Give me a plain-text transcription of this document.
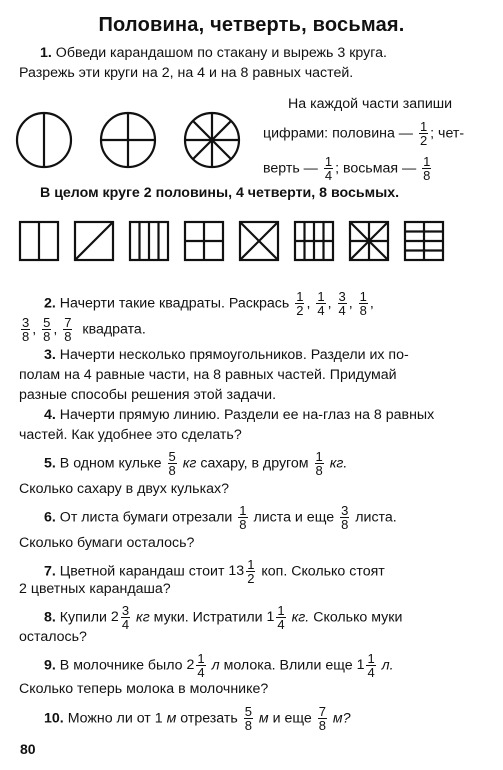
Половина, четверть, восьмая.
1. Обведи карандашом по стакану и вырежь 3 круга.
Разрежь эти круги на 2, на 4 и на 8 равных частей.
На каждой части запиши
цифрами: половина — $\frac{1}{2}$ ; чет-
верть — $\frac{1}{4}$ ; восьмая — $\frac{1}{8}$
В целом круге 2 половины, 4 четверти, 8 восьмых.
2. Начерти такие квадраты. Раскрась $\frac{1}{2}$ , $\frac{1}{4}$ , $\frac{3}{4}$ , $\frac{1}{8}$ ,
$\frac{3}{8}$ , $\frac{5}{8}$ , $\frac{7}{8}$ квадрата.
3. Начерти несколько прямоугольников. Раздели их по-
полам на 4 равные части, на 8 равных частей. Придумай
разные способы решения этой задачи.
4. Начерти прямую линию. Раздели ее на-глаз на 8 равных
частей. Как удобнее это сделать?
5. В одном кульке $\frac{5}{8}$ кг сахару, в другом $\frac{1}{8}$ кг.
Сколько сахару в двух кульках?
6. От листа бумаги отрезали $\frac{1}{8}$ листа и еще $\frac{3}{8}$ листа.
Сколько бумаги осталось?
7. Цветной карандаш стоит $13 \frac{1}{2}$ коп. Сколько стоят
2 цветных карандаша?
8. Купили $2 \frac{3}{4}$ кг муки. Истратили $1 \frac{1}{4}$ кг. Сколько муки
осталось?
9. В молочнике было $2 \frac{1}{4}$ л молока. Влили еще $1 \frac{1}{4} л$.
Сколько теперь молока в молочнике?
10. Можно ли от 1 м отрезать $\frac{5}{8}$ м и еще $\frac{7}{8} м$?
80
